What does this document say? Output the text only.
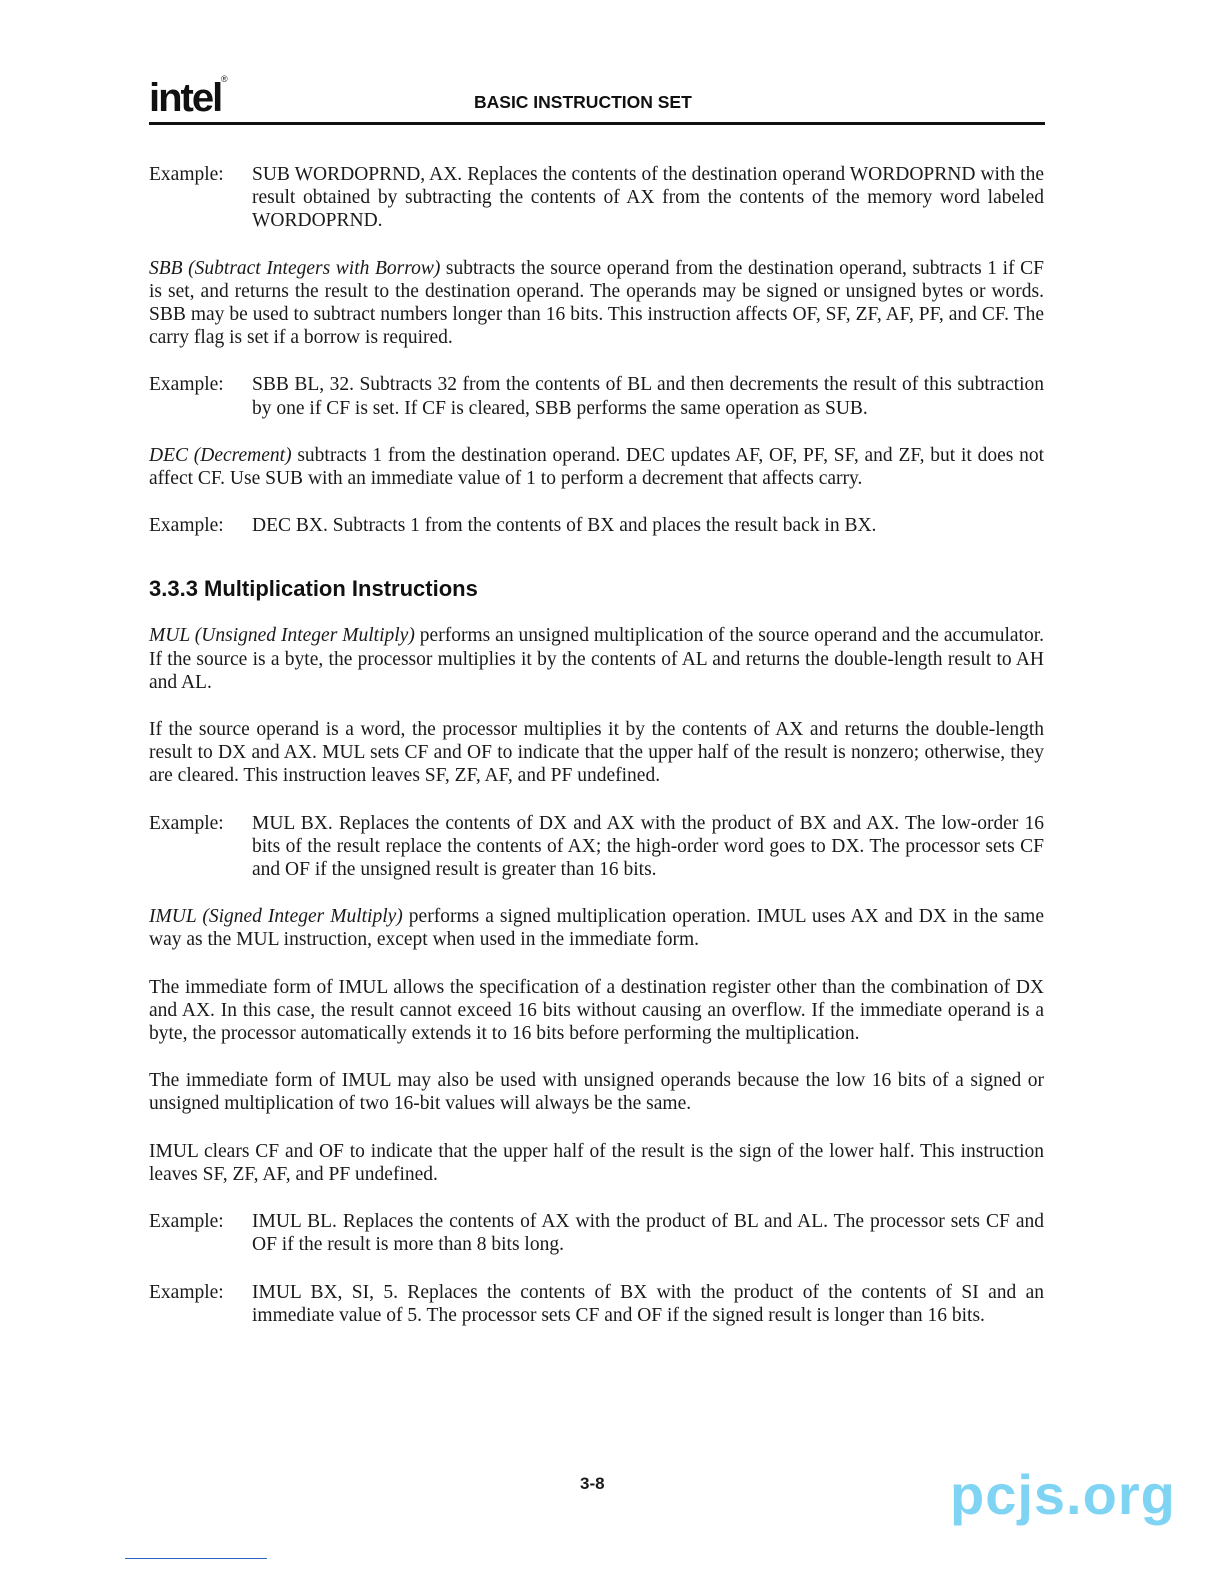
intel ®
BASIC INSTRUCTION SET
Example:	SUB WORDOPRND, AX. Replaces the contents of the destination operand WORDOPRND with the result obtained by subtracting the contents of AX from the contents of the memory word labeled WORDOPRND.

SBB (Subtract Integers with Borrow) subtracts the source operand from the destination operand, subtracts 1 if CF is set, and returns the result to the destination operand. The operands may be signed or unsigned bytes or words. SBB may be used to subtract numbers longer than 16 bits. This instruction affects OF, SF, ZF, AF, PF, and CF. The carry flag is set if a borrow is required.

Example:	SBB BL, 32. Subtracts 32 from the contents of BL and then decrements the result of this subtraction by one if CF is set. If CF is cleared, SBB performs the same operation as SUB.

DEC (Decrement) subtracts 1 from the destination operand. DEC updates AF, OF, PF, SF, and ZF, but it does not affect CF. Use SUB with an immediate value of 1 to perform a decrement that affects carry.

Example:	DEC BX. Subtracts 1 from the contents of BX and places the result back in BX.
3.3.3 Multiplication Instructions

MUL (Unsigned Integer Multiply) performs an unsigned multiplication of the source operand and the accumulator. If the source is a byte, the processor multiplies it by the contents of AL and returns the double-length result to AH and AL.

If the source operand is a word, the processor multiplies it by the contents of AX and returns the double-length result to DX and AX. MUL sets CF and OF to indicate that the upper half of the result is nonzero; otherwise, they are cleared. This instruction leaves SF, ZF, AF, and PF undefined.

Example:	MUL BX. Replaces the contents of DX and AX with the product of BX and AX. The low-order 16 bits of the result replace the contents of AX; the high-order word goes to DX. The processor sets CF and OF if the unsigned result is greater than 16 bits.

IMUL (Signed Integer Multiply) performs a signed multiplication operation. IMUL uses AX and DX in the same way as the MUL instruction, except when used in the immediate form.

The immediate form of IMUL allows the specification of a destination register other than the combination of DX and AX. In this case, the result cannot exceed 16 bits without causing an overflow. If the immediate operand is a byte, the processor automatically extends it to 16 bits before performing the multiplication.

The immediate form of IMUL may also be used with unsigned operands because the low 16 bits of a signed or unsigned multiplication of two 16-bit values will always be the same.

IMUL clears CF and OF to indicate that the upper half of the result is the sign of the lower half. This instruction leaves SF, ZF, AF, and PF undefined.

Example:	IMUL BL. Replaces the contents of AX with the product of BL and AL. The processor sets CF and OF if the result is more than 8 bits long.
Example:	IMUL BX, SI, 5. Replaces the contents of BX with the product of the contents of SI and an immediate value of 5. The processor sets CF and OF if the signed result is longer than 16 bits.
3-8	pcjs.org
